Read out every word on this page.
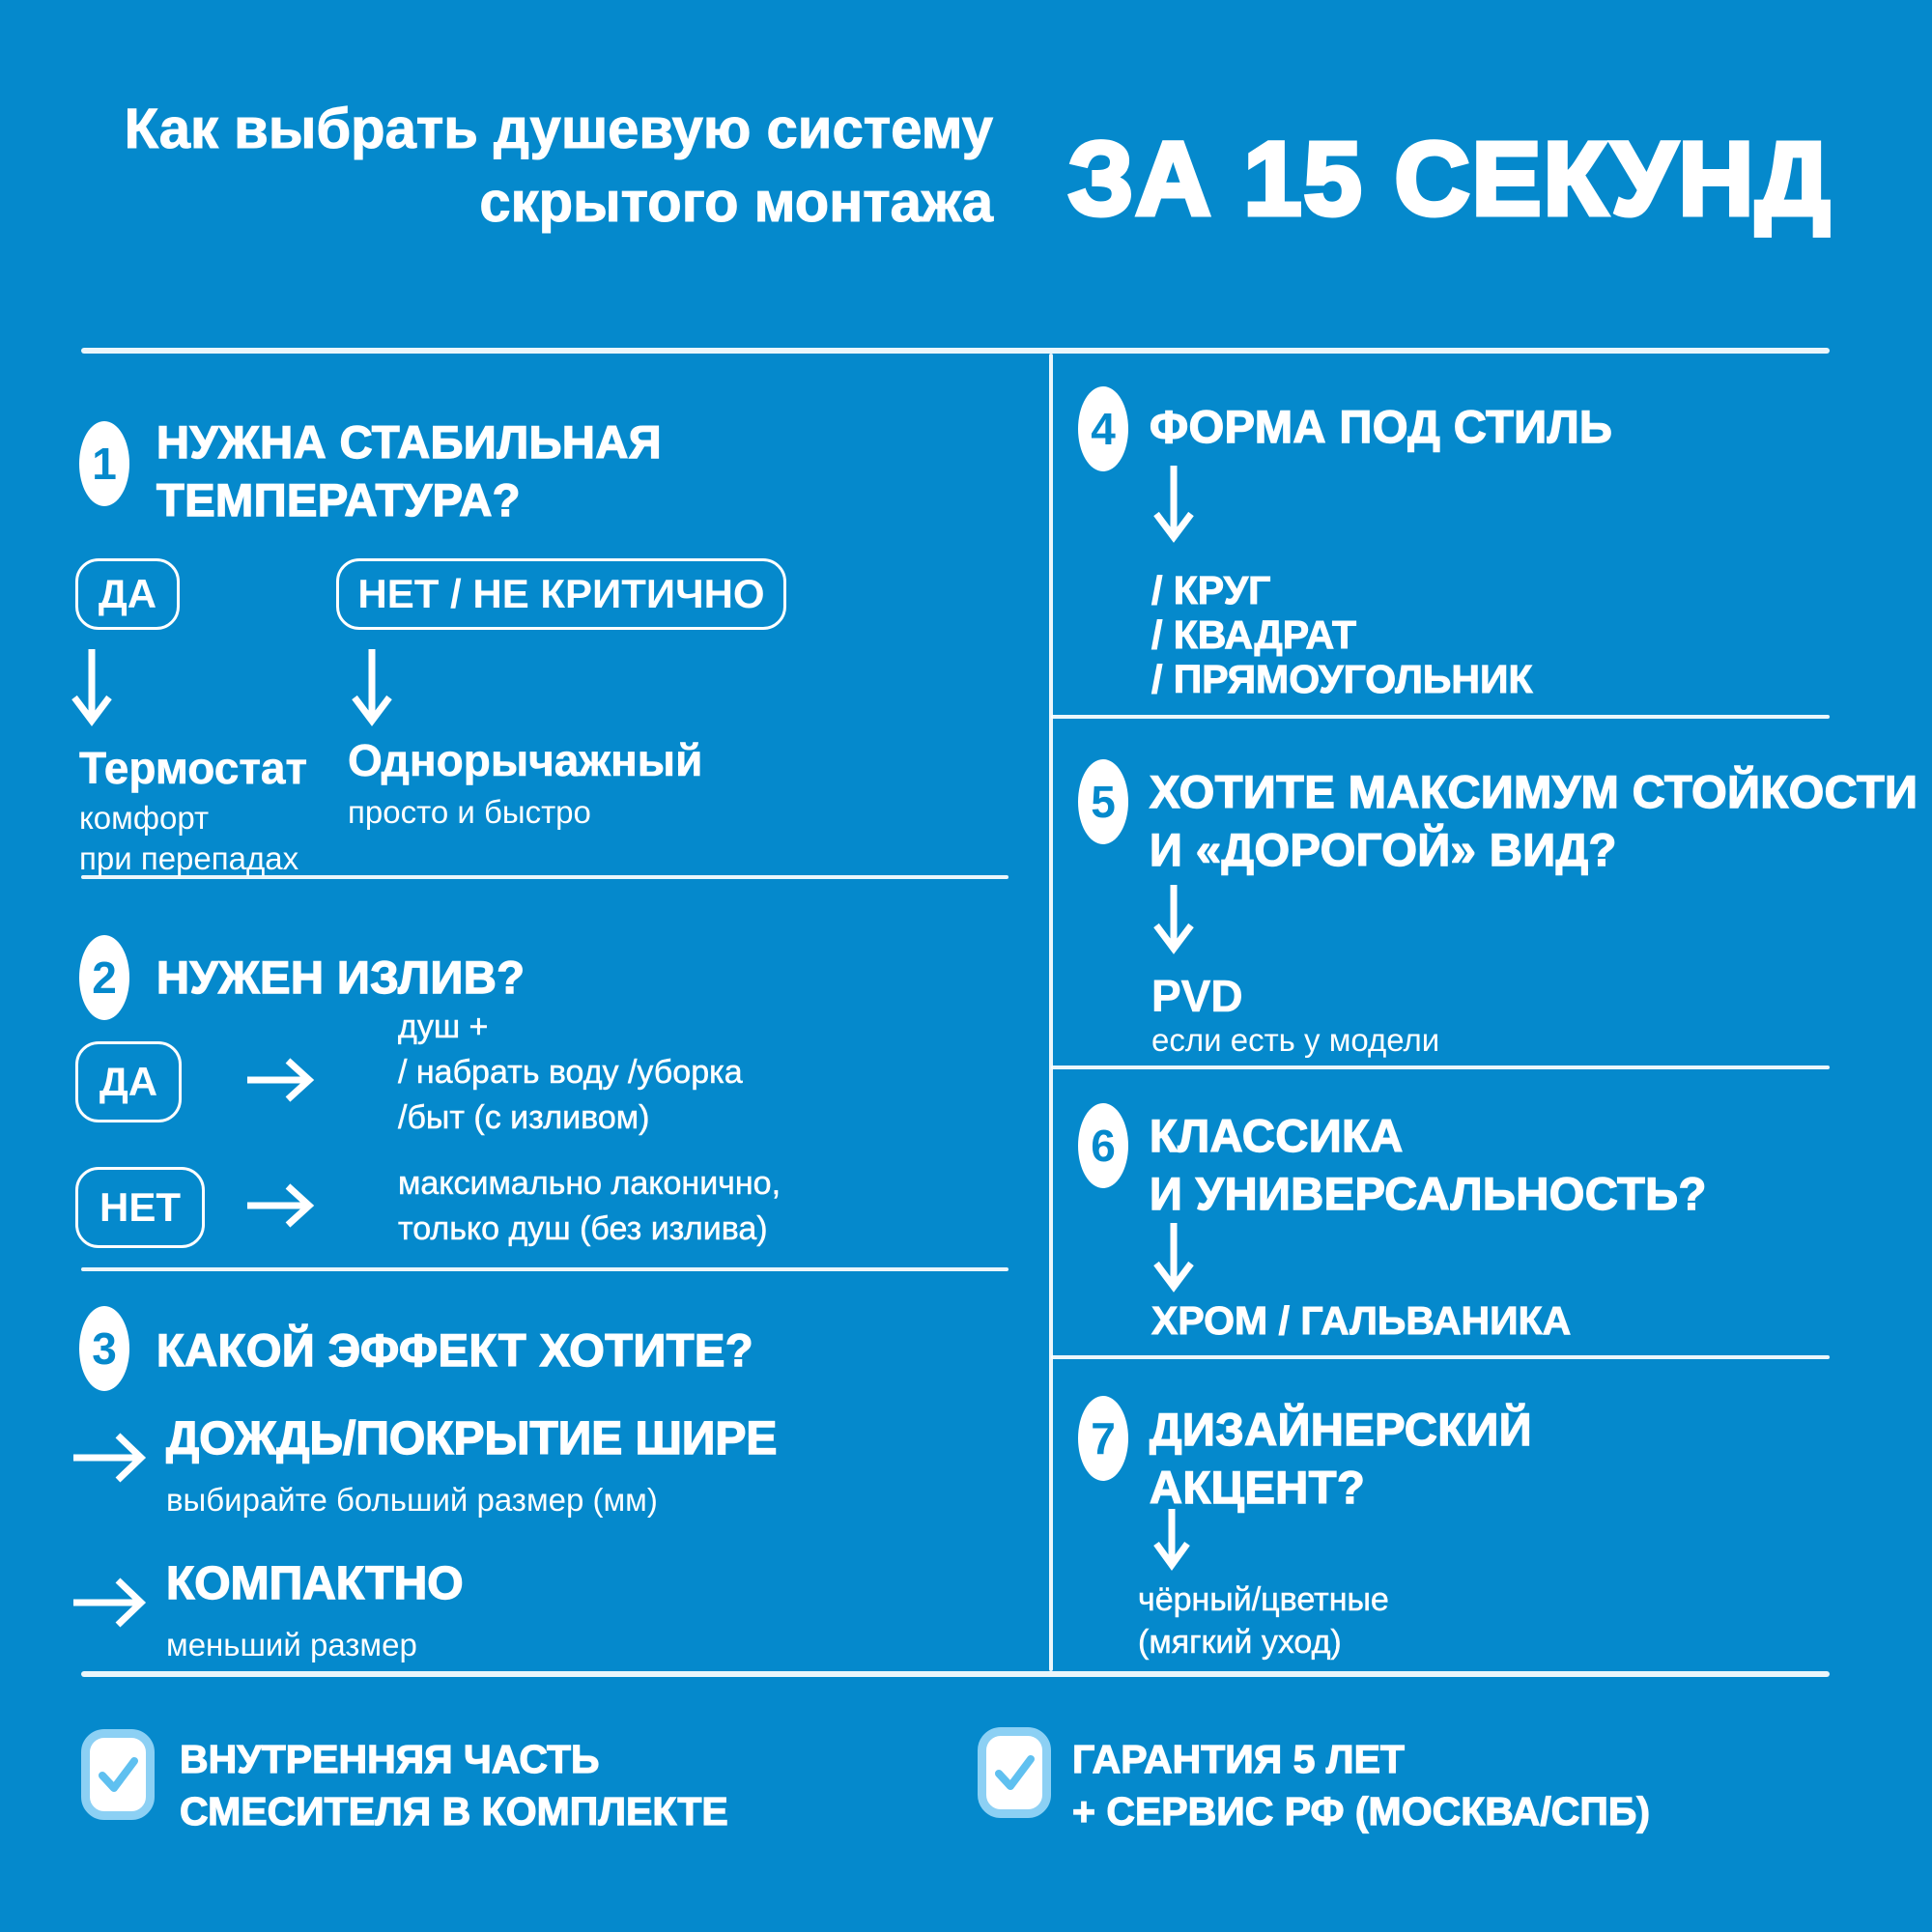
Как выбрать душевую систему
скрытого монтажа ЗА 15 СЕКУНД
1 НУЖНА СТАБИЛЬНАЯ
ТЕМПЕРАТУРА?
ДА	НЕТ / НЕ КРИТИЧНО
Термостат
комфорт
при перепадах
Однорычажный
просто и быстро
2 НУЖЕН ИЗЛИВ?
ДА
душ +
/ набрать воду /уборка
/быт (с изливом)
НЕТ
максимально лаконично,
только душ (без излива)
3 КАКОЙ ЭФФЕКТ ХОТИТЕ?
ДОЖДЬ/ПОКРЫТИЕ ШИРЕ
выбирайте больший размер (мм)
КОМПАКТНО
меньший размер
4 ФОРМА ПОД СТИЛЬ
/ КРУГ
/ КВАДРАТ
/ ПРЯМОУГОЛЬНИК
5 ХОТИТЕ МАКСИМУМ СТОЙКОСТИ
И «ДОРОГОЙ» ВИД?
PVD
если есть у модели
6 КЛАССИКА
И УНИВЕРСАЛЬНОСТЬ?
ХРОМ / ГАЛЬВАНИКА
7 ДИЗАЙНЕРСКИЙ
АКЦЕНТ?
чёрный/цветные
(мягкий уход)
ВНУТРЕННЯЯ ЧАСТЬ
СМЕСИТЕЛЯ В КОМПЛЕКТЕ
ГАРАНТИЯ 5 ЛЕТ
+ СЕРВИС РФ (МОСКВА/СПБ)
